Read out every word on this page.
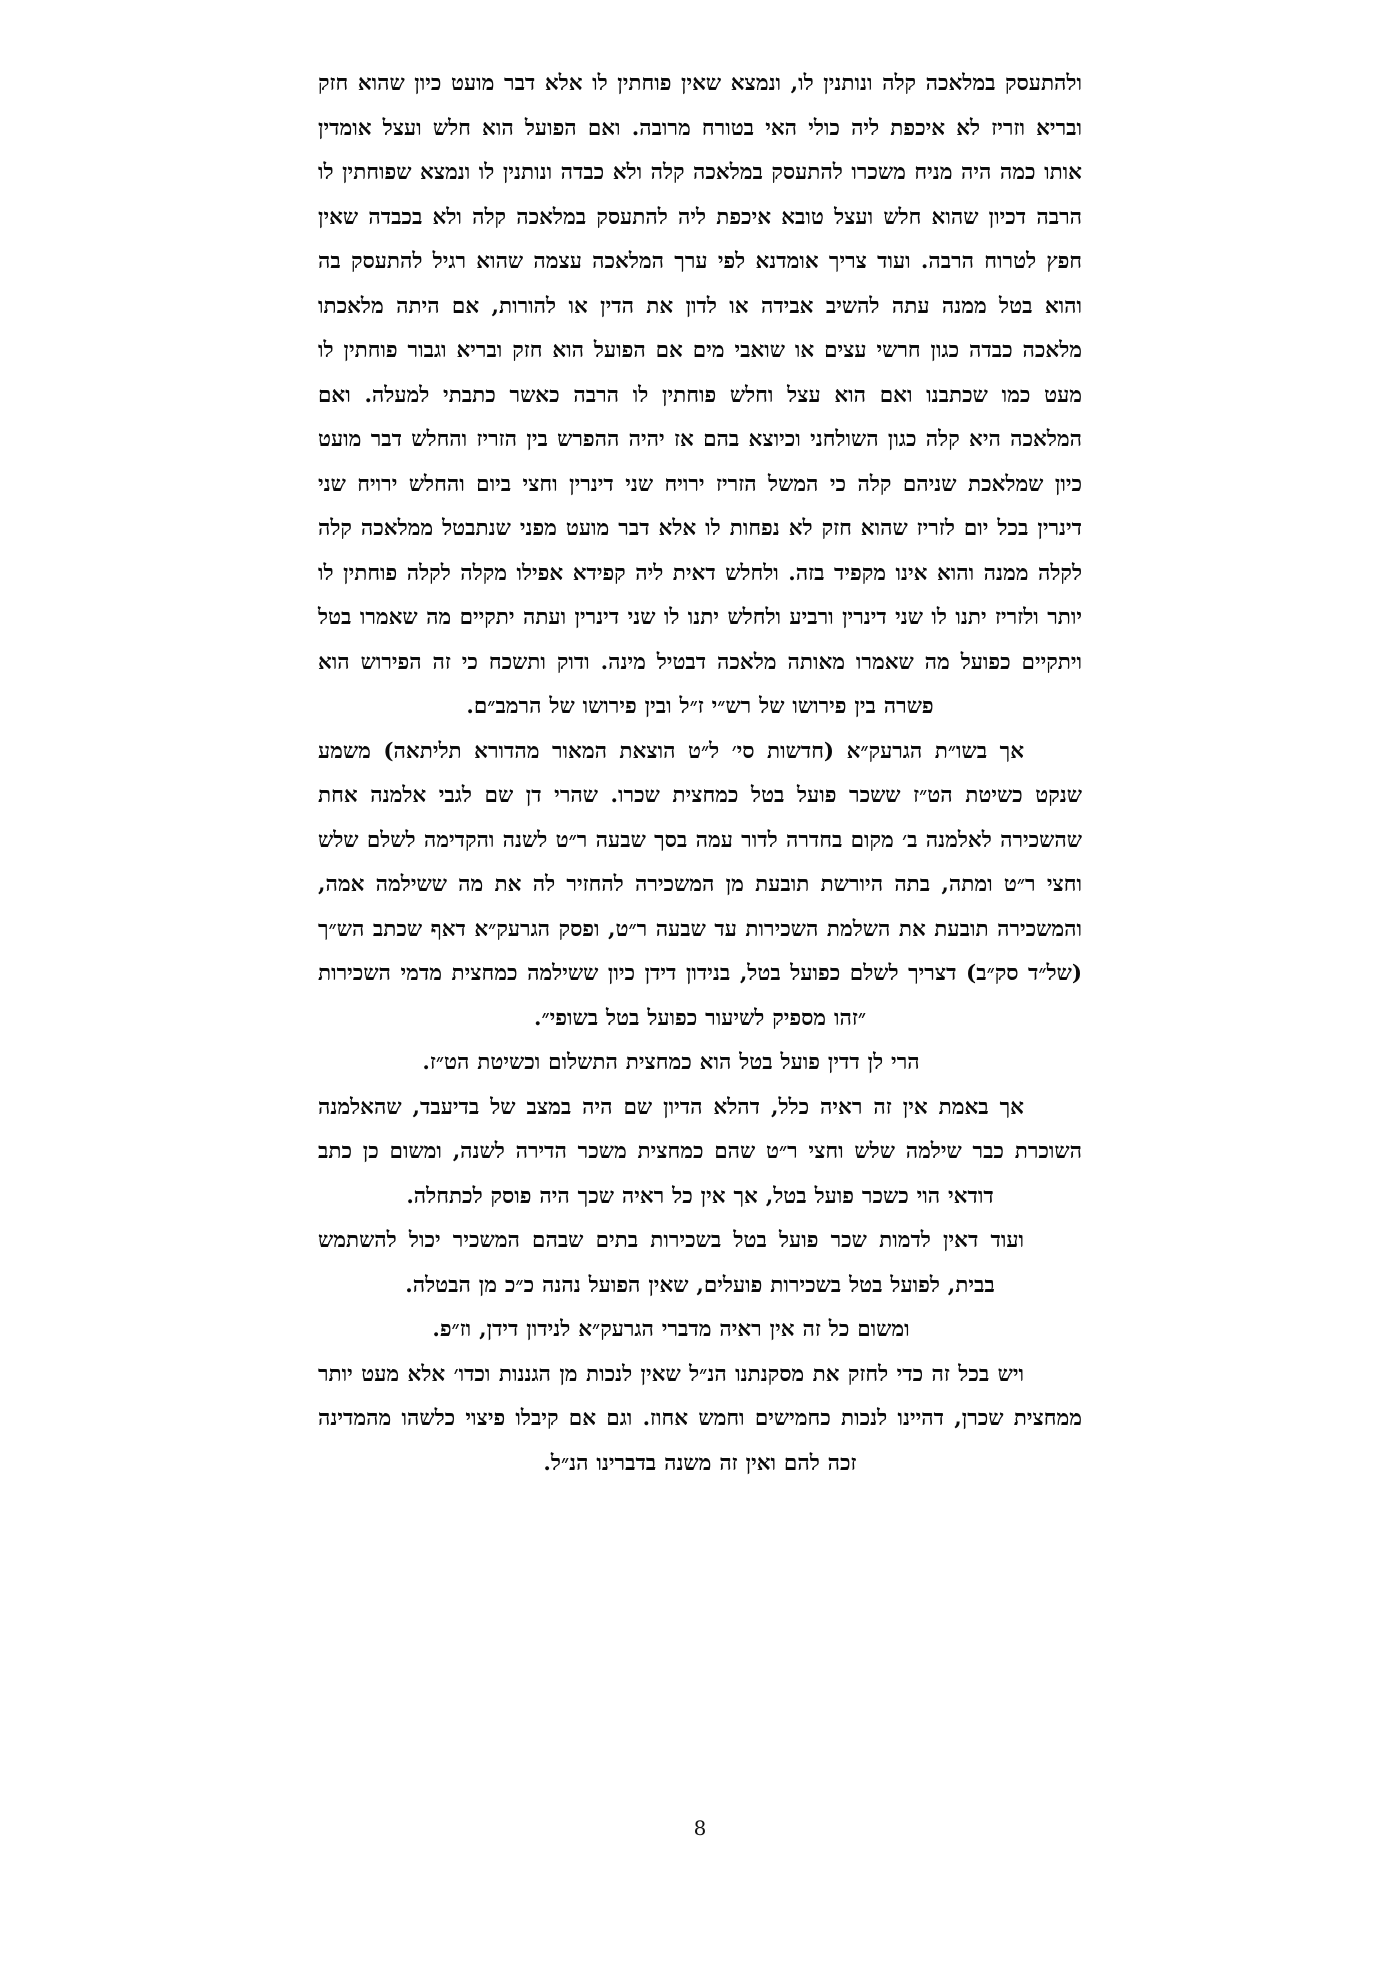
ולהתעסק במלאכה קלה ונותנין לו, ונמצא שאין פוחתין לו אלא דבר מועט כיון שהוא חזק ובריא וזריז לא איכפת ליה כולי האי בטורח מרובה. ואם הפועל הוא חלש ועצל אומדין אותו כמה היה מניח משכרו להתעסק במלאכה קלה ולא כבדה ונותנין לו ונמצא שפוחתין לו הרבה דכיון שהוא חלש ועצל טובא איכפת ליה להתעסק במלאכה קלה ולא בכבדה שאין חפץ לטרוח הרבה. ועוד צריך אומדנא לפי ערך המלאכה עצמה שהוא רגיל להתעסק בה והוא בטל ממנה עתה להשיב אבידה או לדון את הדין או להורות, אם היתה מלאכתו מלאכה כבדה כגון חרשי עצים או שואבי מים אם הפועל הוא חזק ובריא וגבור פוחתין לו מעט כמו שכתבנו ואם הוא עצל וחלש פוחתין לו הרבה כאשר כתבתי למעלה. ואם המלאכה היא קלה כגון השולחני וכיוצא בהם אז יהיה ההפרש בין הזריז והחלש דבר מועט כיון שמלאכת שניהם קלה כי המשל הזריז ירויח שני דינרין וחצי ביום והחלש ירויח שני דינרין בכל יום לזריז שהוא חזק לא נפחות לו אלא דבר מועט מפני שנתבטל ממלאכה קלה לקלה ממנה והוא אינו מקפיד בזה. ולחלש דאית ליה קפידא אפילו מקלה לקלה פוחתין לו יותר ולזריז יתנו לו שני דינרין ורביע ולחלש יתנו לו שני דינרין ועתה יתקיים מה שאמרו בטל ויתקיים כפועל מה שאמרו מאותה מלאכה דבטיל מינה. ודוק ותשכח כי זה הפירוש הוא פשרה בין פירושו של רש״י ז״ל ובין פירושו של הרמב״ם.

אך בשו״ת הגרעק״א (חדשות סי׳ ל״ט הוצאת המאור מהדורא תליתאה) משמע שנקט כשיטת הט״ז ששכר פועל בטל כמחצית שכרו. שהרי דן שם לגבי אלמנה אחת שהשכירה לאלמנה ב׳ מקום בחדרה לדור עמה בסך שבעה ר״ט לשנה והקדימה לשלם שלש וחצי ר״ט ומתה, בתה היורשת תובעת מן המשכירה להחזיר לה את מה ששילמה אמה, והמשכירה תובעת את השלמת השכירות עד שבעה ר״ט, ופסק הגרעק״א דאף שכתב הש״ך (של״ד סק״ב) דצריך לשלם כפועל בטל, בנידון דידן כיון ששילמה כמחצית מדמי השכירות ״זהו מספיק לשיעור כפועל בטל בשופי״.

הרי לן דדין פועל בטל הוא כמחצית התשלום וכשיטת הט״ז.

אך באמת אין זה ראיה כלל, דהלא הדיון שם היה במצב של בדיעבד, שהאלמנה השוכרת כבר שילמה שלש וחצי ר״ט שהם כמחצית משכר הדירה לשנה, ומשום כן כתב דודאי הוי כשכר פועל בטל, אך אין כל ראיה שכך היה פוסק לכתחלה.

ועוד דאין לדמות שכר פועל בטל בשכירות בתים שבהם המשכיר יכול להשתמש בבית, לפועל בטל בשכירות פועלים, שאין הפועל נהנה כ״כ מן הבטלה.

ומשום כל זה אין ראיה מדברי הגרעק״א לנידון דידן, וז״פ.

ויש בכל זה כדי לחזק את מסקנתנו הנ״ל שאין לנכות מן הגננות וכדו׳ אלא מעט יותר ממחצית שכרן, דהיינו לנכות כחמישים וחמש אחוז. וגם אם קיבלו פיצוי כלשהו מהמדינה זכה להם ואין זה משנה בדברינו הנ״ל.

8
